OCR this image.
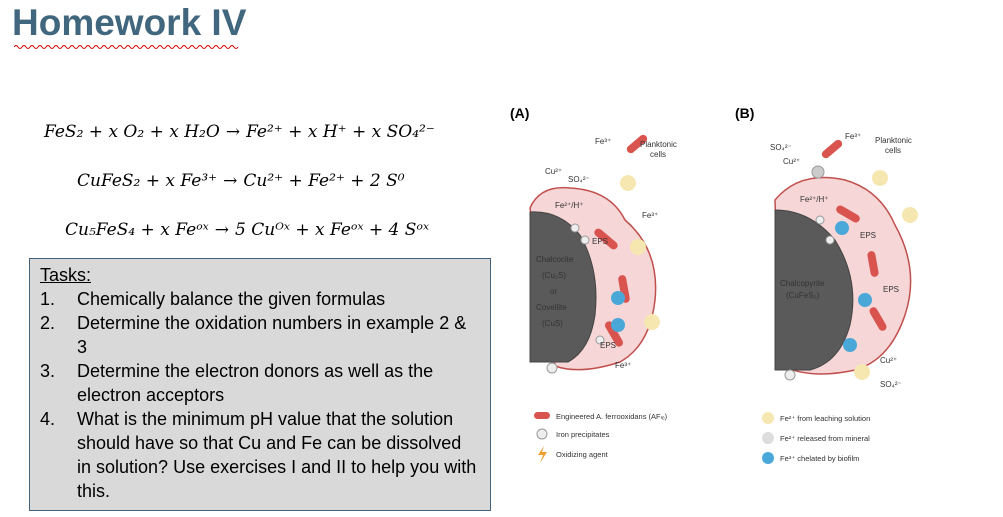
Homework IV
FeS₂ + x O₂ + x H₂O → Fe²⁺ + x H⁺ + x SO₄²⁻
CuFeS₂ + x Fe³⁺ → Cu²⁺ + Fe²⁺ + 2 S⁰
Cu₅FeS₄ + x Feᵒˣ → 5 Cuᴼˣ + x Feᵒˣ + 4 Sᵒˣ
Tasks:
1.	Chemically balance the given formulas
2.	Determine the oxidation numbers in example 2 & 3
3.	Determine the electron donors as well as the electron acceptors
4.	What is the minimum pH value that the solution should have so that Cu and Fe can be dissolved in solution? Use exercises I and II to help you with this.
(A)
Chalcocite
(Cu₂S)
or
Covellite
(CuS)
Planktonic
cells
Fe³⁺
Cu²⁺
SO₄²⁻
Fe²⁺/H⁺
EPS
EPS
Fe³⁺
Fe³⁺
(B)
Chalcopyrite
(CuFeS₂)
Planktonic
cells
Fe³⁺
SO₄²⁻
Cu²⁺
Fe²⁺/H⁺
EPS
EPS
Cu²⁺
SO₄²⁻
Engineered A. ferrooxidans (AFₗₑ)
Iron precipitates
Oxidizing agent
Fe²⁺ from leaching solution
Fe²⁺ released from mineral
Fe³⁺ chelated by biofilm
